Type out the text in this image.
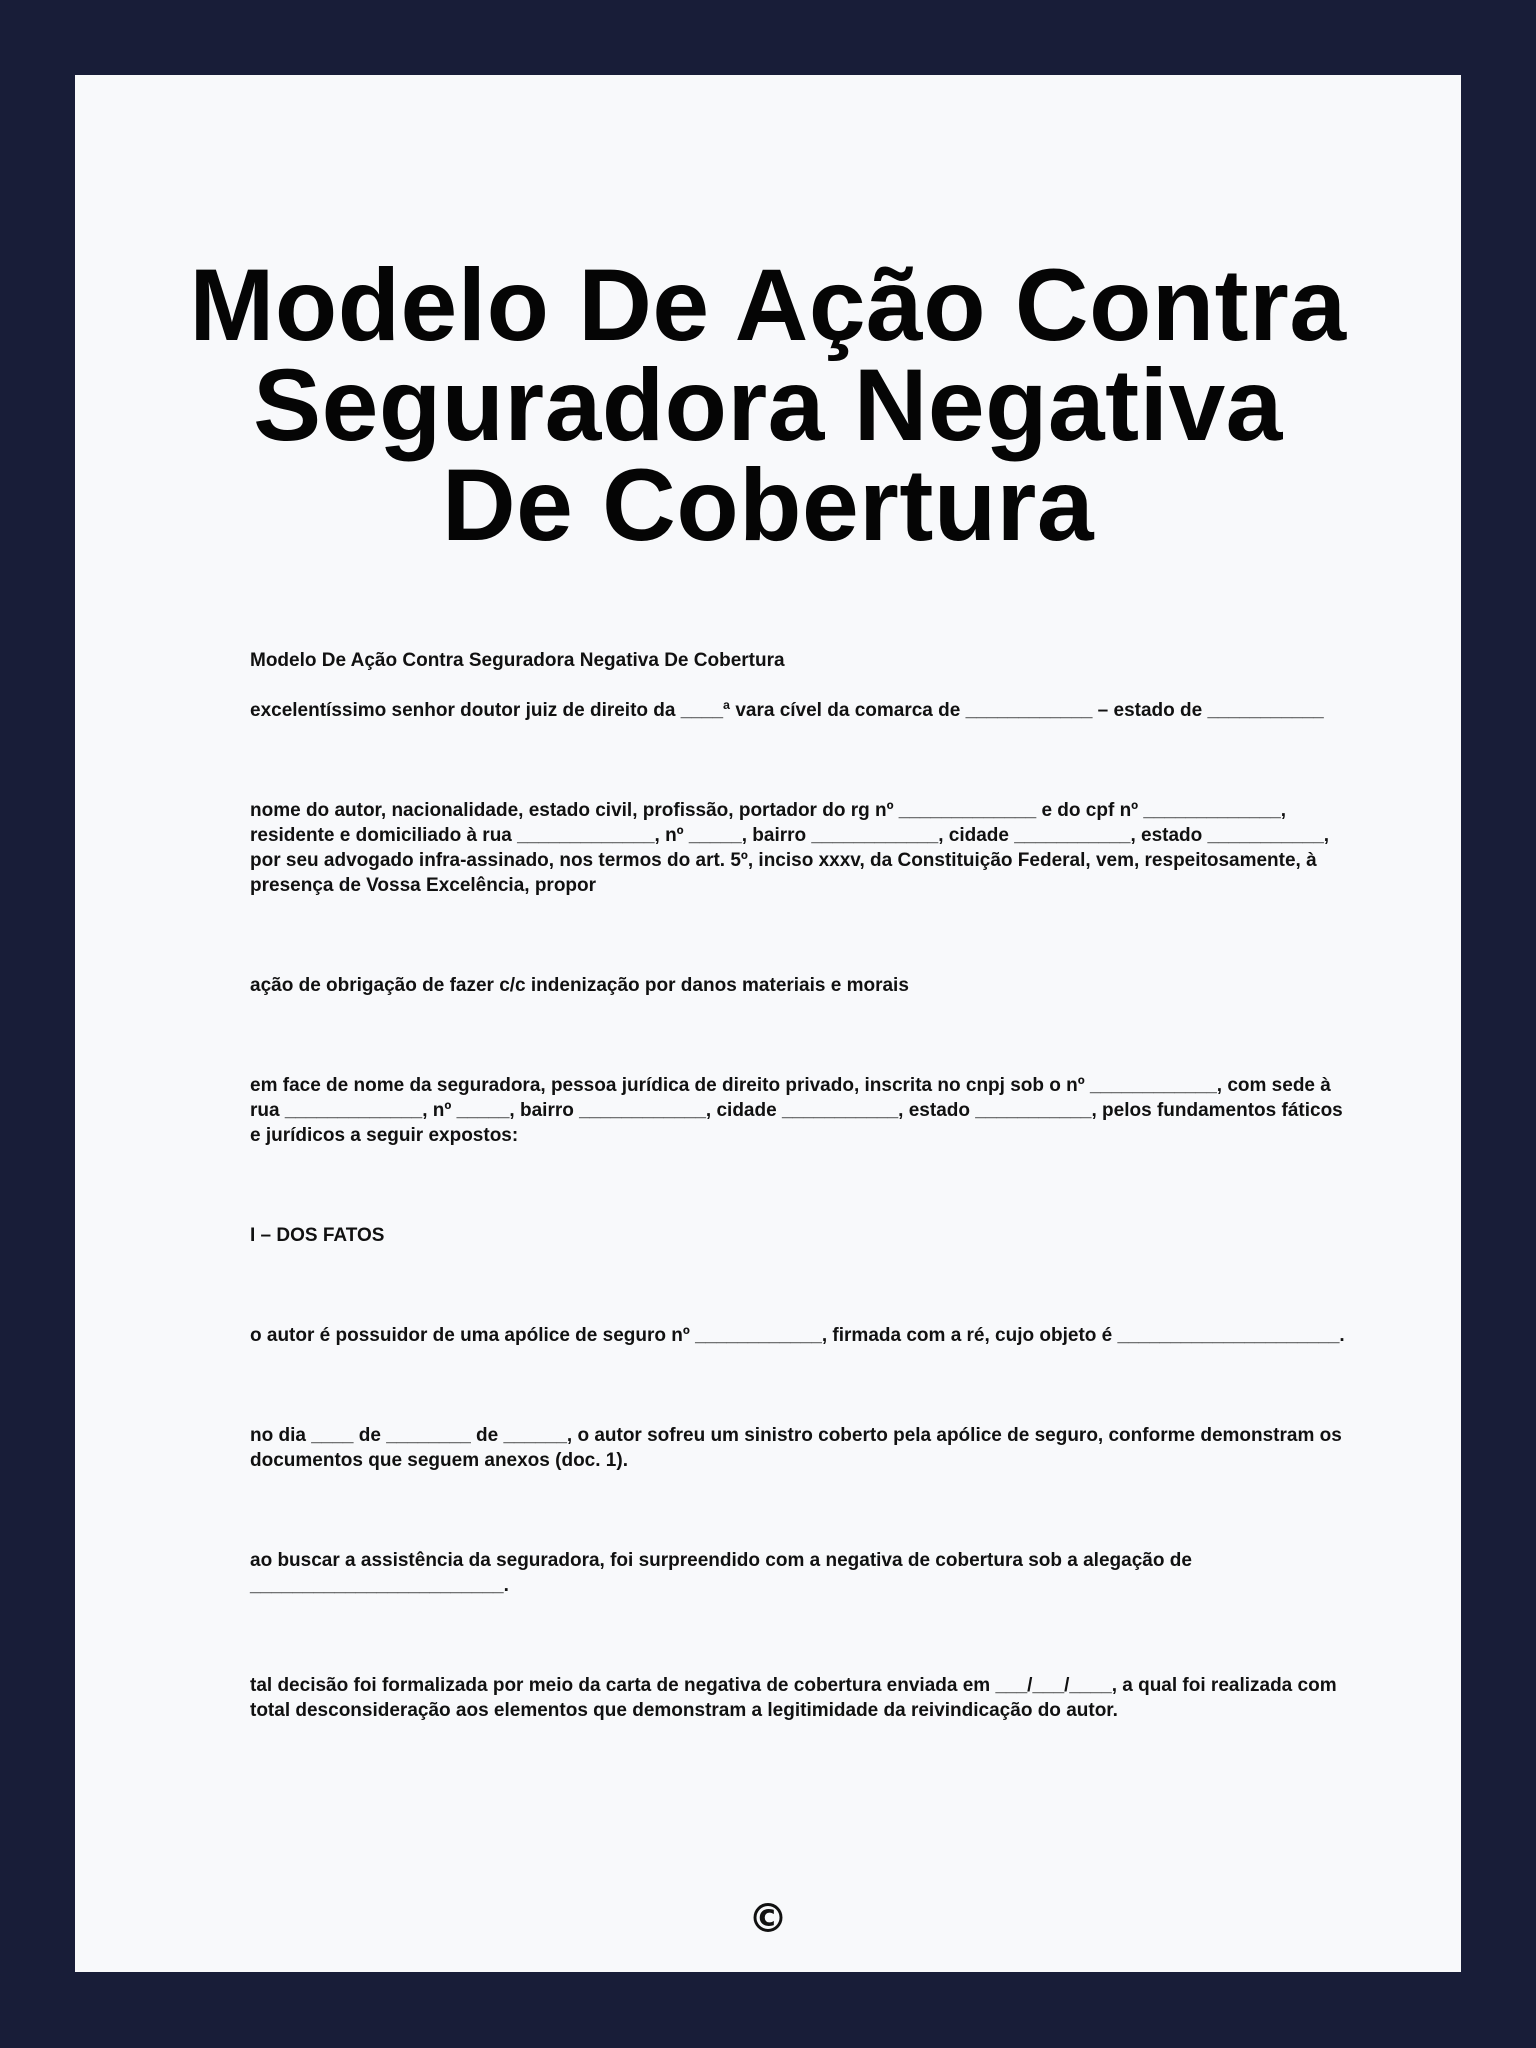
Modelo De Ação Contra Seguradora Negativa De Cobertura

Modelo De Ação Contra Seguradora Negativa De Cobertura

excelentíssimo senhor doutor juiz de direito da ____ª vara cível da comarca de ____________ – estado de ___________

nome do autor, nacionalidade, estado civil, profissão, portador do rg nº _____________ e do cpf nº _____________, residente e domiciliado à rua _____________, nº _____, bairro ____________, cidade ___________, estado ___________, por seu advogado infra-assinado, nos termos do art. 5º, inciso xxxv, da Constituição Federal, vem, respeitosamente, à presença de Vossa Excelência, propor

ação de obrigação de fazer c/c indenização por danos materiais e morais

em face de nome da seguradora, pessoa jurídica de direito privado, inscrita no cnpj sob o nº ____________, com sede à rua _____________, nº _____, bairro ____________, cidade ___________, estado ___________, pelos fundamentos fáticos e jurídicos a seguir expostos:

I – DOS FATOS

o autor é possuidor de uma apólice de seguro nº ____________, firmada com a ré, cujo objeto é _____________________.

no dia ____ de ________ de ______, o autor sofreu um sinistro coberto pela apólice de seguro, conforme demonstram os documentos que seguem anexos (doc. 1).

ao buscar a assistência da seguradora, foi surpreendido com a negativa de cobertura sob a alegação de ________________________.

tal decisão foi formalizada por meio da carta de negativa de cobertura enviada em ___/___/____, a qual foi realizada com total desconsideração aos elementos que demonstram a legitimidade da reivindicação do autor.

©
